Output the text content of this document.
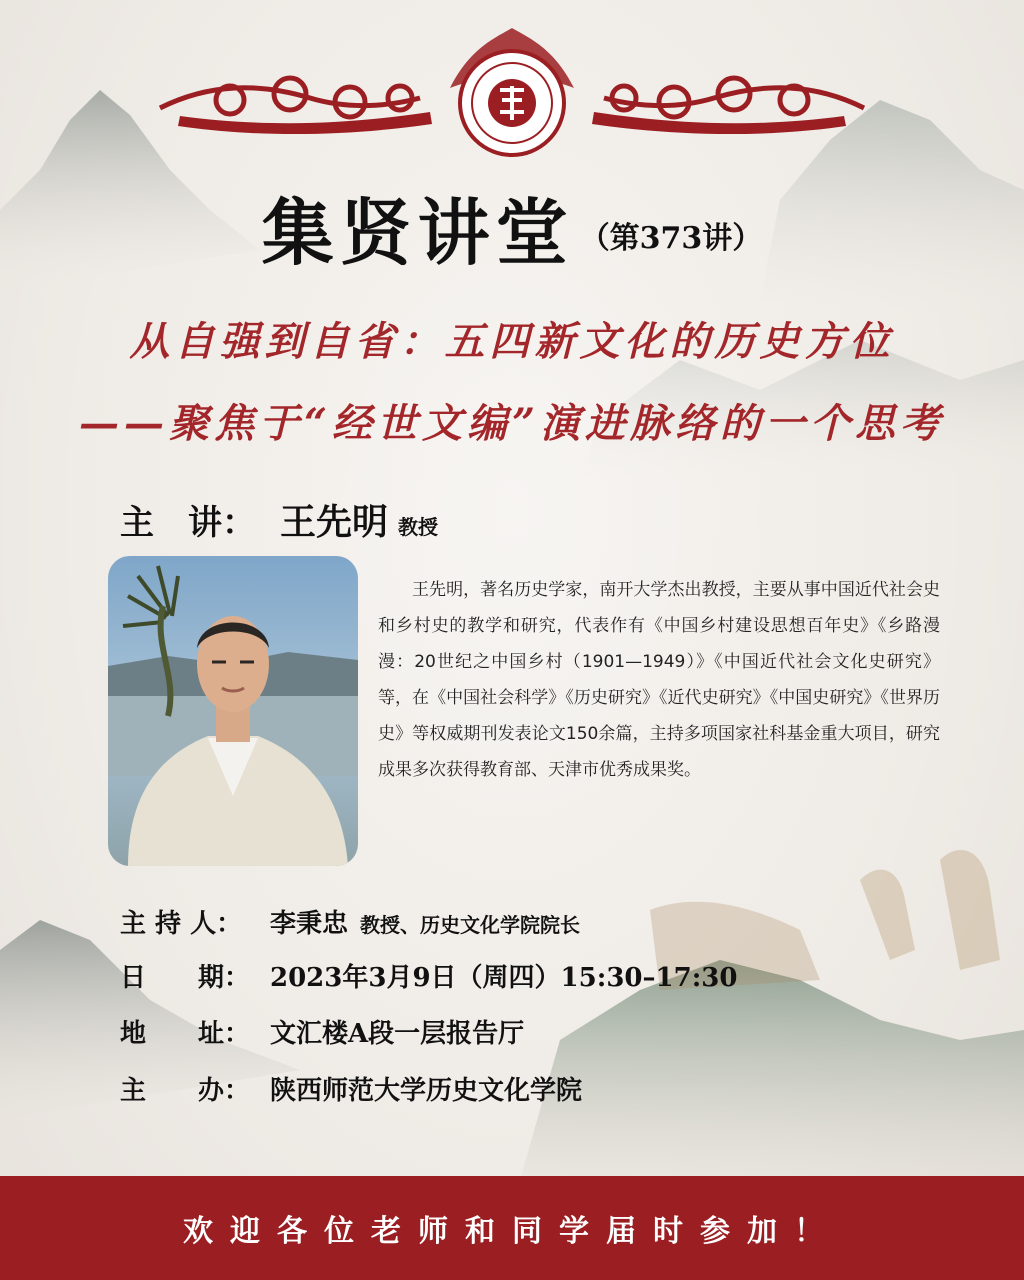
集贤讲堂 （第373讲）
从自强到自省：五四新文化的历史方位
——聚焦于“经世文编”演进脉络的一个思考
主　讲： 王先明 教授
王先明，著名历史学家，南开大学杰出教授，主要从事中国近代社会史和乡村史的教学和研究，代表作有《中国乡村建设思想百年史》《乡路漫漫：20世纪之中国乡村（1901—1949）》《中国近代社会文化史研究》等，在《中国社会科学》《历史研究》《近代史研究》《中国史研究》《世界历史》等权威期刊发表论文150余篇，主持多项国家社科基金重大项目，研究成果多次获得教育部、天津市优秀成果奖。
主 持 人： 李秉忠 教授、历史文化学院院长
日　　期： 2023年3月9日（周四）15:30–17:30
地　　址： 文汇楼A段一层报告厅
主　　办： 陕西师范大学历史文化学院
欢迎各位老师和同学届时参加！
